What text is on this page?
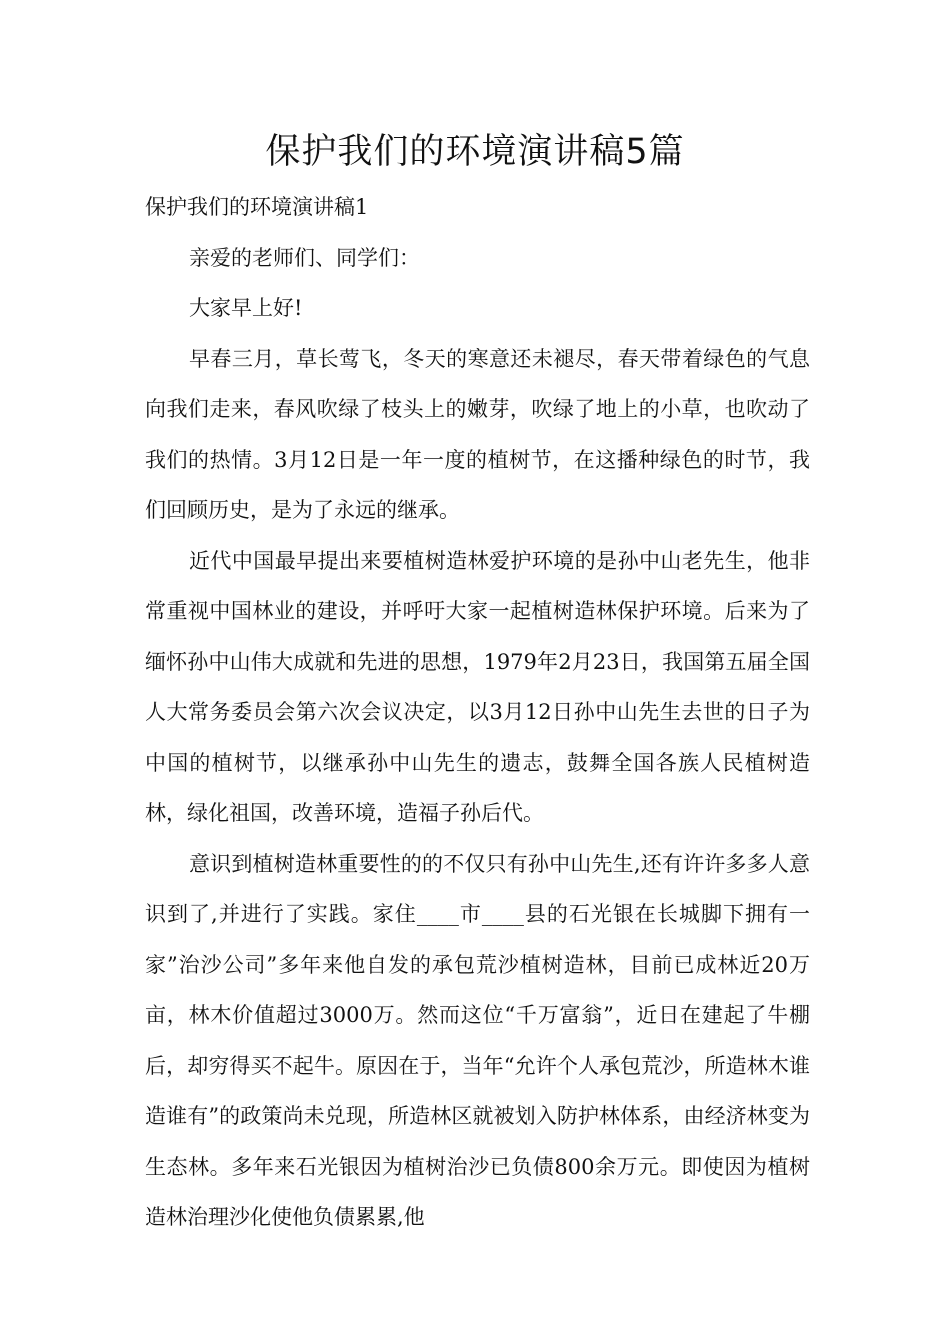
保护我们的环境演讲稿5篇

保护我们的环境演讲稿1

亲爱的老师们、同学们：

大家早上好!

早春三月，草长莺飞，冬天的寒意还未褪尽，春天带着绿色的气息向我们走来，春风吹绿了枝头上的嫩芽，吹绿了地上的小草，也吹动了我们的热情。3月12日是一年一度的植树节，在这播种绿色的时节，我们回顾历史，是为了永远的继承。

近代中国最早提出来要植树造林爱护环境的是孙中山老先生，他非常重视中国林业的建设，并呼吁大家一起植树造林保护环境。后来为了缅怀孙中山伟大成就和先进的思想，1979年2月23日，我国第五届全国人大常务委员会第六次会议决定，以3月12日孙中山先生去世的日子为中国的植树节，以继承孙中山先生的遗志，鼓舞全国各族人民植树造林，绿化祖国，改善环境，造福子孙后代。

意识到植树造林重要性的的不仅只有孙中山先生,还有许许多多人意识到了,并进行了实践。家住____市____县的石光银在长城脚下拥有一家”治沙公司”多年来他自发的承包荒沙植树造林，目前已成林近20万亩，林木价值超过3000万。然而这位“千万富翁”，近日在建起了牛棚后，却穷得买不起牛。原因在于，当年“允许个人承包荒沙，所造林木谁造谁有”的政策尚未兑现，所造林区就被划入防护林体系，由经济林变为生态林。多年来石光银因为植树治沙已负债800余万元。即使因为植树造林治理沙化使他负债累累,他
